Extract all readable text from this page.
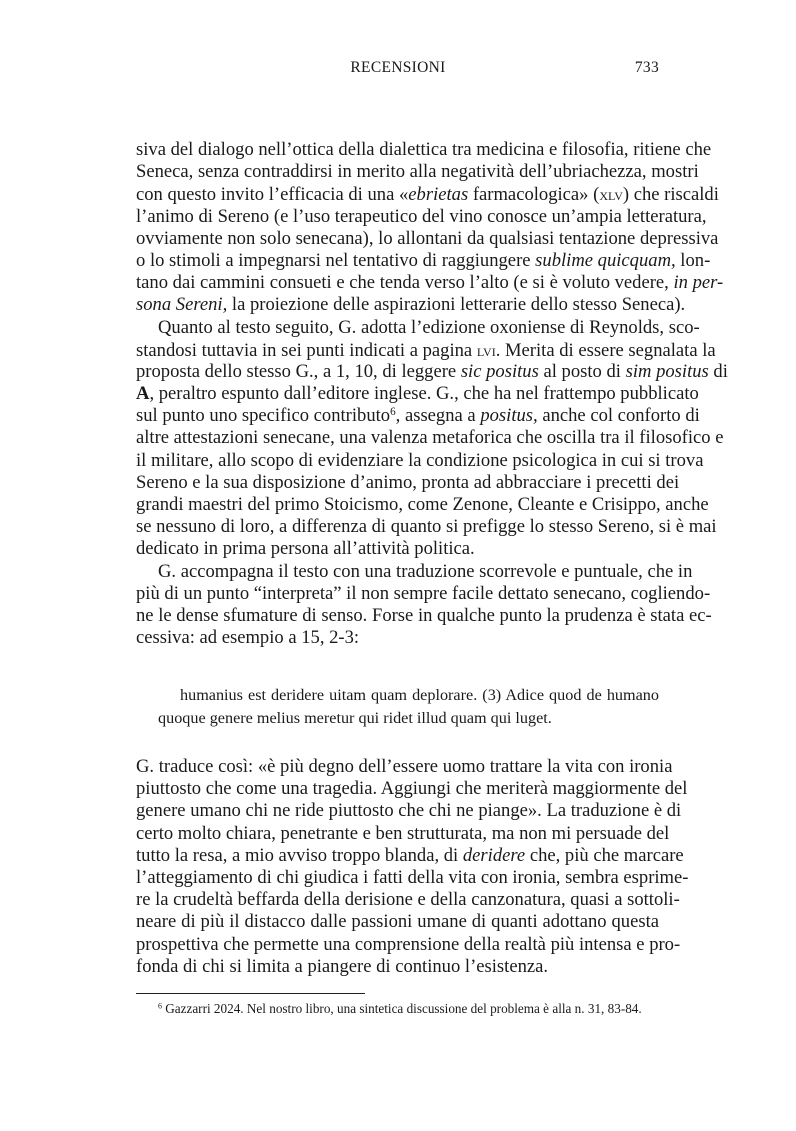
RECENSIONI	733
siva del dialogo nell’ottica della dialettica tra medicina e filosofia, ritiene che
Seneca, senza contraddirsi in merito alla negatività dell’ubriachezza, mostri
con questo invito l’efficacia di una «ebrietas farmacologica» (xlv) che riscaldi
l’animo di Sereno (e l’uso terapeutico del vino conosce un’ampia letteratura,
ovviamente non solo senecana), lo allontani da qualsiasi tentazione depressiva
o lo stimoli a impegnarsi nel tentativo di raggiungere sublime quicquam, lon-
tano dai cammini consueti e che tenda verso l’alto (e si è voluto vedere, in per-
sona Sereni, la proiezione delle aspirazioni letterarie dello stesso Seneca).
Quanto al testo seguito, G. adotta l’edizione oxoniense di Reynolds, sco-
standosi tuttavia in sei punti indicati a pagina lvi. Merita di essere segnalata la
proposta dello stesso G., a 1, 10, di leggere sic positus al posto di sim positus di
A, peraltro espunto dall’editore inglese. G., che ha nel frattempo pubblicato
sul punto uno specifico contributo$^6$, assegna a positus, anche col conforto di
altre attestazioni senecane, una valenza metaforica che oscilla tra il filosofico e
il militare, allo scopo di evidenziare la condizione psicologica in cui si trova
Sereno e la sua disposizione d’animo, pronta ad abbracciare i precetti dei
grandi maestri del primo Stoicismo, come Zenone, Cleante e Crisippo, anche
se nessuno di loro, a differenza di quanto si prefigge lo stesso Sereno, si è mai
dedicato in prima persona all’attività politica.
G. accompagna il testo con una traduzione scorrevole e puntuale, che in
più di un punto “interpreta” il non sempre facile dettato senecano, cogliendo-
ne le dense sfumature di senso. Forse in qualche punto la prudenza è stata ec-
cessiva: ad esempio a 15, 2-3:
humanius est deridere uitam quam deplorare. (3) Adice quod de humano
quoque genere melius meretur qui ridet illud quam qui luget.
G. traduce così: «è più degno dell’essere uomo trattare la vita con ironia
piuttosto che come una tragedia. Aggiungi che meriterà maggiormente del
genere umano chi ne ride piuttosto che chi ne piange». La traduzione è di
certo molto chiara, penetrante e ben strutturata, ma non mi persuade del
tutto la resa, a mio avviso troppo blanda, di deridere che, più che marcare
l’atteggiamento di chi giudica i fatti della vita con ironia, sembra esprime-
re la crudeltà beffarda della derisione e della canzonatura, quasi a sottoli-
neare di più il distacco dalle passioni umane di quanti adottano questa
prospettiva che permette una comprensione della realtà più intensa e pro-
fonda di chi si limita a piangere di continuo l’esistenza.
$^6$ Gazzarri 2024. Nel nostro libro, una sintetica discussione del problema è alla n. 31, 83-84.
